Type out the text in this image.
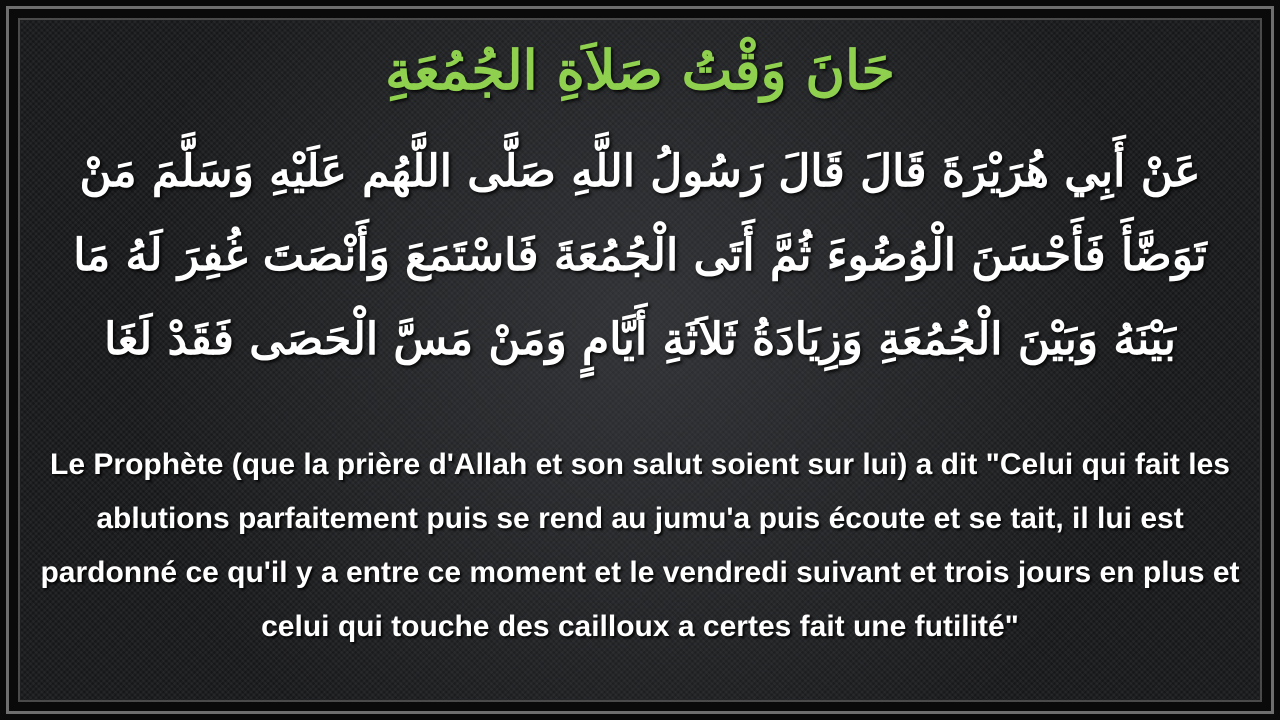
حَانَ وَقْتُ صَلاَةِ الجُمُعَةِ
عَنْ أَبِي هُرَيْرَةَ قَالَ قَالَ رَسُولُ اللَّهِ صَلَّى اللَّهُم عَلَيْهِ وَسَلَّمَ مَنْ تَوَضَّأَ فَأَحْسَنَ الْوُضُوءَ ثُمَّ أَتَى الْجُمُعَةَ فَاسْتَمَعَ وَأَنْصَتَ غُفِرَ لَهُ مَا بَيْنَهُ وَبَيْنَ الْجُمُعَةِ وَزِيَادَةُ ثَلاَثَةِ أَيَّامٍ وَمَنْ مَسَّ الْحَصَى فَقَدْ لَغَا
Le Prophète (que la prière d'Allah et son salut soient sur lui) a dit "Celui qui fait les ablutions parfaitement puis se rend au jumu'a puis écoute et se tait, il lui est pardonné ce qu'il y a entre ce moment et le vendredi suivant et trois jours en plus et celui qui touche des cailloux a certes fait une futilité"
